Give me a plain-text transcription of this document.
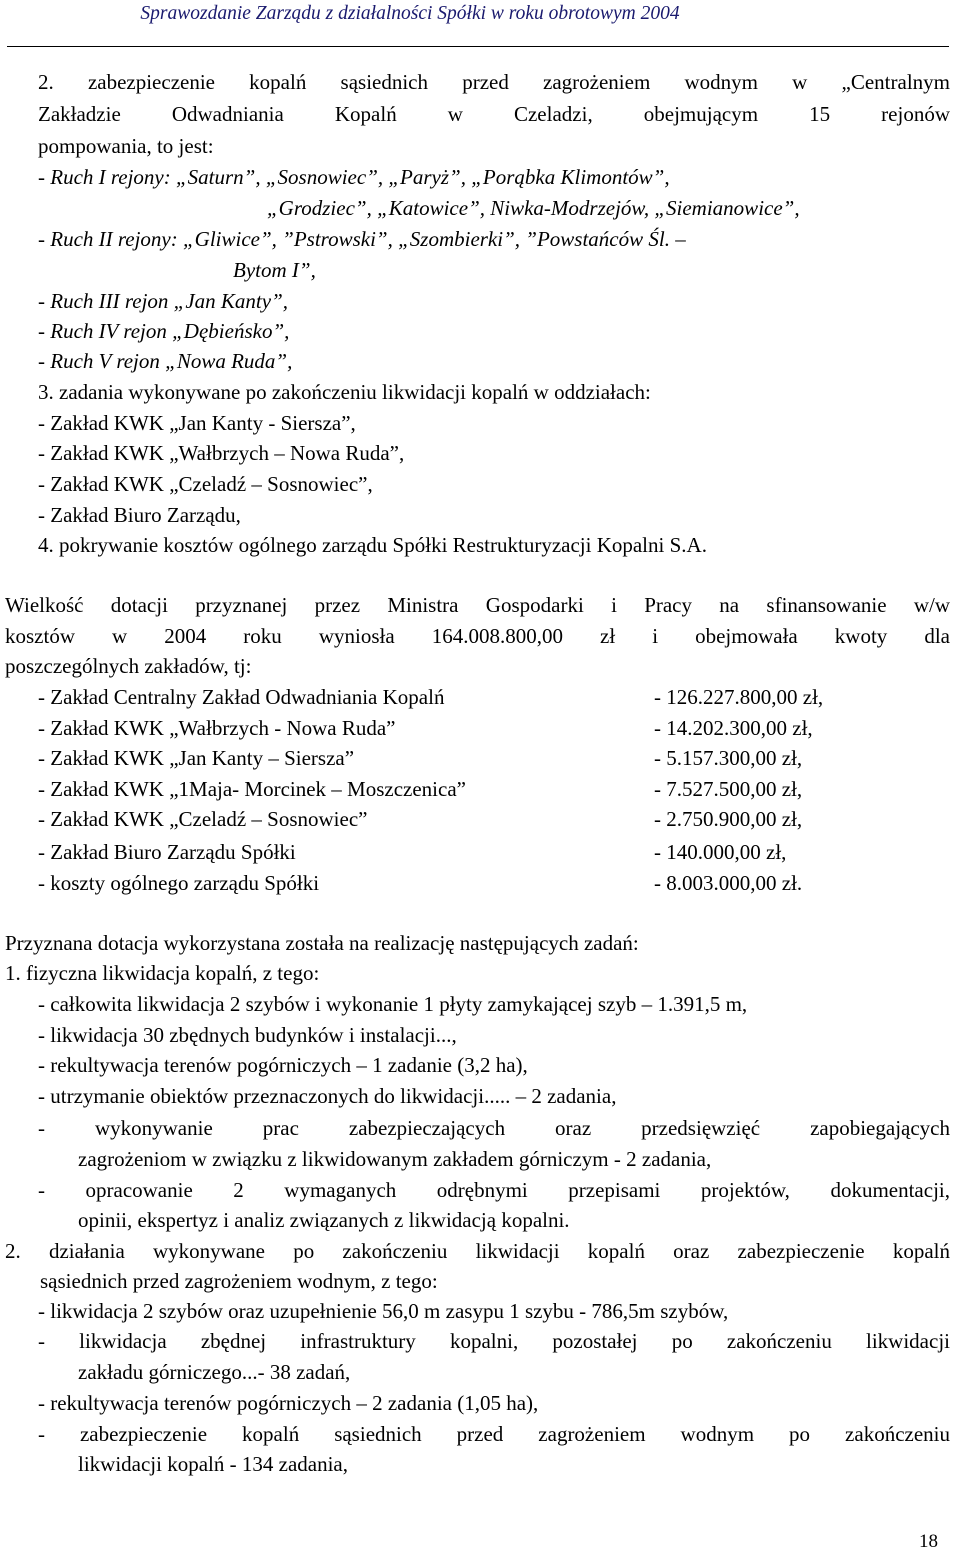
Sprawozdanie Zarządu z działalności Spółki w roku obrotowym 2004
2. zabezpieczenie kopalń sąsiednich przed zagrożeniem wodnym w „Centralnym
Zakładzie Odwadniania Kopalń w Czeladzi, obejmującym 15 rejonów
pompowania, to jest:
- Ruch I rejony: „Saturn”, „Sosnowiec”, „Paryż”, „Porąbka Klimontów”,
„Grodziec”, „Katowice”, Niwka-Modrzejów, „Siemianowice”,
- Ruch II rejony: „Gliwice”, ”Pstrowski”, „Szombierki”, ”Powstańców Śl. –
Bytom I”,
- Ruch III rejon „Jan Kanty”,
- Ruch IV rejon „Dębieńsko”,
- Ruch V rejon „Nowa Ruda”,
3. zadania wykonywane po zakończeniu likwidacji kopalń w oddziałach:
- Zakład KWK „Jan Kanty - Siersza”,
- Zakład KWK „Wałbrzych – Nowa Ruda”,
- Zakład KWK „Czeladź – Sosnowiec”,
- Zakład Biuro Zarządu,
4. pokrywanie kosztów ogólnego zarządu Spółki Restrukturyzacji Kopalni S.A.
Wielkość dotacji przyznanej przez Ministra Gospodarki i Pracy na sfinansowanie w/w
kosztów w 2004 roku wyniosła 164.008.800,00 zł i obejmowała kwoty dla
poszczególnych zakładów, tj:
- Zakład Centralny Zakład Odwadniania Kopalń	- 126.227.800,00 zł,
- Zakład KWK „Wałbrzych - Nowa Ruda”	- 14.202.300,00 zł,
- Zakład KWK „Jan Kanty – Siersza”	- 5.157.300,00 zł,
- Zakład KWK „1Maja- Morcinek – Moszczenica”	- 7.527.500,00 zł,
- Zakład KWK „Czeladź – Sosnowiec”	- 2.750.900,00 zł,
- Zakład Biuro Zarządu Spółki	- 140.000,00 zł,
- koszty ogólnego zarządu Spółki	- 8.003.000,00 zł.
Przyznana dotacja wykorzystana została na realizację następujących zadań:
1. fizyczna likwidacja kopalń, z tego:
- całkowita likwidacja 2 szybów i wykonanie 1 płyty zamykającej szyb – 1.391,5 m,
- likwidacja 30 zbędnych budynków i instalacji...,
- rekultywacja terenów pogórniczych – 1 zadanie (3,2 ha),
- utrzymanie obiektów przeznaczonych do likwidacji..... – 2 zadania,
- wykonywanie prac zabezpieczających oraz przedsięwzięć zapobiegających
zagrożeniom w związku z likwidowanym zakładem górniczym - 2 zadania,
- opracowanie 2 wymaganych odrębnymi przepisami projektów, dokumentacji,
opinii, ekspertyz i analiz związanych z likwidacją kopalni.
2. działania wykonywane po zakończeniu likwidacji kopalń oraz zabezpieczenie kopalń
sąsiednich przed zagrożeniem wodnym, z tego:
- likwidacja 2 szybów oraz uzupełnienie 56,0 m zasypu 1 szybu - 786,5m szybów,
- likwidacja zbędnej infrastruktury kopalni, pozostałej po zakończeniu likwidacji
zakładu górniczego...- 38 zadań,
- rekultywacja terenów pogórniczych – 2 zadania (1,05 ha),
- zabezpieczenie kopalń sąsiednich przed zagrożeniem wodnym po zakończeniu
likwidacji kopalń - 134 zadania,
18
